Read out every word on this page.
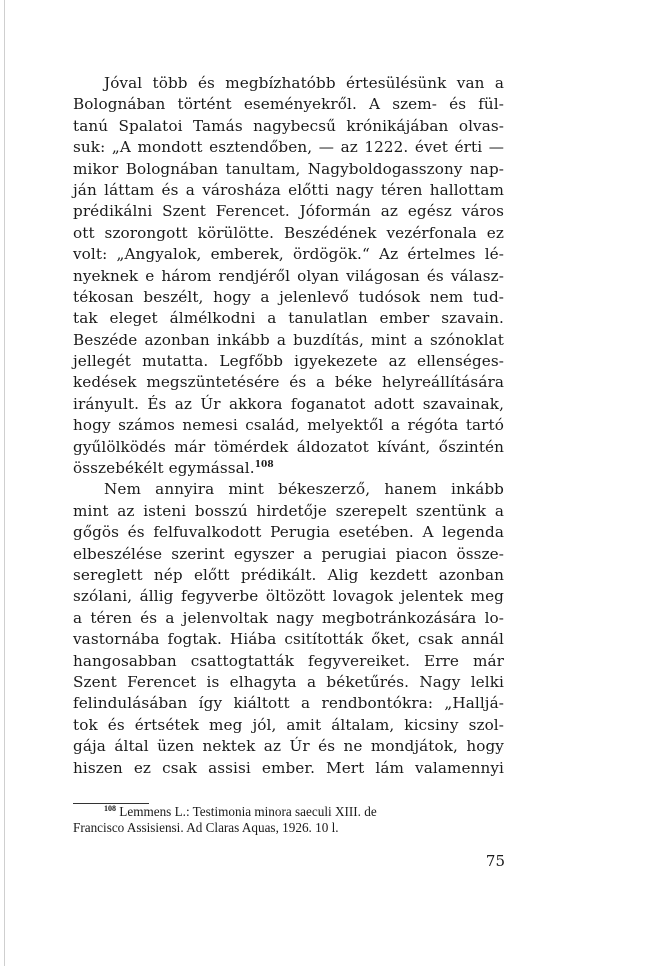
Jóval több és megbízhatóbb értesülésünk van a
Bolognában történt eseményekről. A szem- és fül-
tanú Spalatoi Tamás nagybecsű krónikájában olvas-
suk: „A mondott esztendőben, — az 1222. évet érti —
mikor Bolognában tanultam, Nagyboldogasszony nap-
ján láttam és a városháza előtti nagy téren hallottam
prédikálni Szent Ferencet. Jóformán az egész város
ott szorongott körülötte. Beszédének vezérfonala ez
volt: „Angyalok, emberek, ördögök.“ Az értelmes lé-
nyeknek e három rendjéről olyan világosan és válasz-
tékosan beszélt, hogy a jelenlevő tudósok nem tud-
tak eleget álmélkodni a tanulatlan ember szavain.
Beszéde azonban inkább a buzdítás, mint a szónoklat
jellegét mutatta. Legfőbb igyekezete az ellenséges-
kedések megszüntetésére és a béke helyreállítására
irányult. És az Úr akkora foganatot adott szavainak,
hogy számos nemesi család, melyektől a régóta tartó
gyűlölködés már tömérdek áldozatot kívánt, őszintén
összebékélt egymással.$^{108}$
Nem annyira mint békeszerző, hanem inkább
mint az isteni bosszú hirdetője szerepelt szentünk a
gőgös és felfuvalkodott Perugia esetében. A legenda
elbeszélése szerint egyszer a perugiai piacon össze-
sereglett nép előtt prédikált. Alig kezdett azonban
szólani, állig fegyverbe öltözött lovagok jelentek meg
a téren és a jelenvoltak nagy megbotránkozására lo-
vastornába fogtak. Hiába csitították őket, csak annál
hangosabban csattogtatták fegyvereiket. Erre már
Szent Ferencet is elhagyta a béketűrés. Nagy lelki
felindulásában így kiáltott a rendbontókra: „Halljá-
tok és értsétek meg jól, amit általam, kicsiny szol-
gája által üzen nektek az Úr és ne mondjátok, hogy
hiszen ez csak assisi ember. Mert lám valamennyi
$^{108}$ Lemmens L.: Testimonia minora saeculi XIII. de
Francisco Assisiensi. Ad Claras Aquas, 1926. 10 l.
75
